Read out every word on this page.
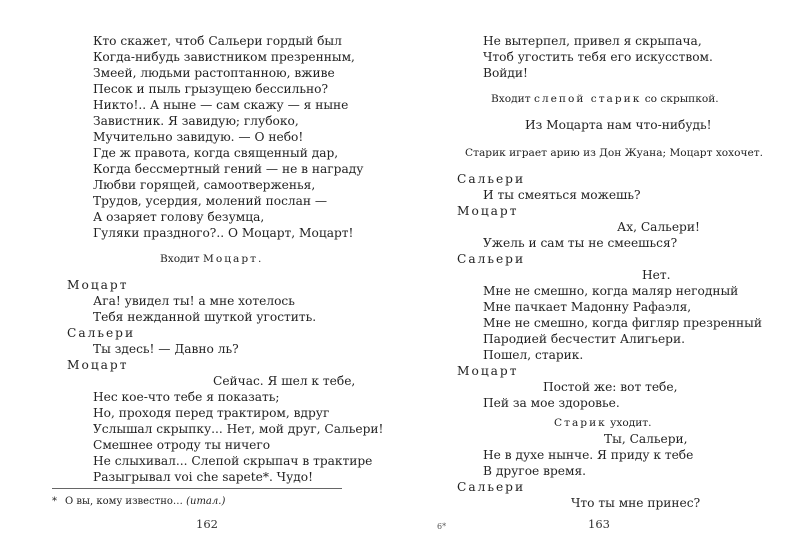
Кто скажет, чтоб Сальери гордый был
Когда-нибудь завистником презренным,
Змеей, людьми растоптанною, вживе
Песок и пыль грызущею бессильно?
Никто!.. А ныне — сам скажу — я ныне
Завистник. Я завидую; глубоко,
Мучительно завидую. — О небо!
Где ж правота, когда священный дар,
Когда бессмертный гений — не в награду
Любви горящей, самоотверженья,
Трудов, усердия, молений послан —
А озаряет голову безумца,
Гуляки праздного?.. О Моцарт, Моцарт!
Входит Моцарт.
Моцарт
Ага! увидел ты! а мне хотелось
Тебя нежданной шуткой угостить.
Сальери
Ты здесь! — Давно ль?
Моцарт
Сейчас. Я шел к тебе,
Нес кое-что тебе я показать;
Но, проходя перед трактиром, вдруг
Услышал скрыпку... Нет, мой друг, Сальери!
Смешнее отроду ты ничего
Не слыхивал... Слепой скрыпач в трактире
Разыгрывал voi che sapete*. Чудо!
* О вы, кому известно… (итал.)
162
Не вытерпел, привел я скрыпача,
Чтоб угостить тебя его искусством.
Войди!
Входит слепой старик со скрыпкой.
Из Моцарта нам что-нибудь!
Старик играет арию из Дон Жуана; Моцарт хохочет.
Сальери
И ты смеяться можешь?
Моцарт
Ах, Сальери!
Ужель и сам ты не смеешься?
Сальери
Нет.
Мне не смешно, когда маляр негодный
Мне пачкает Мадонну Рафаэля,
Мне не смешно, когда фигляр презренный
Пародией бесчестит Алигьери.
Пошел, старик.
Моцарт
Постой же: вот тебе,
Пей за мое здоровье.
Старик уходит.
Ты, Сальери,
Не в духе нынче. Я приду к тебе
В другое время.
Сальери
Что ты мне принес?
6*	163
